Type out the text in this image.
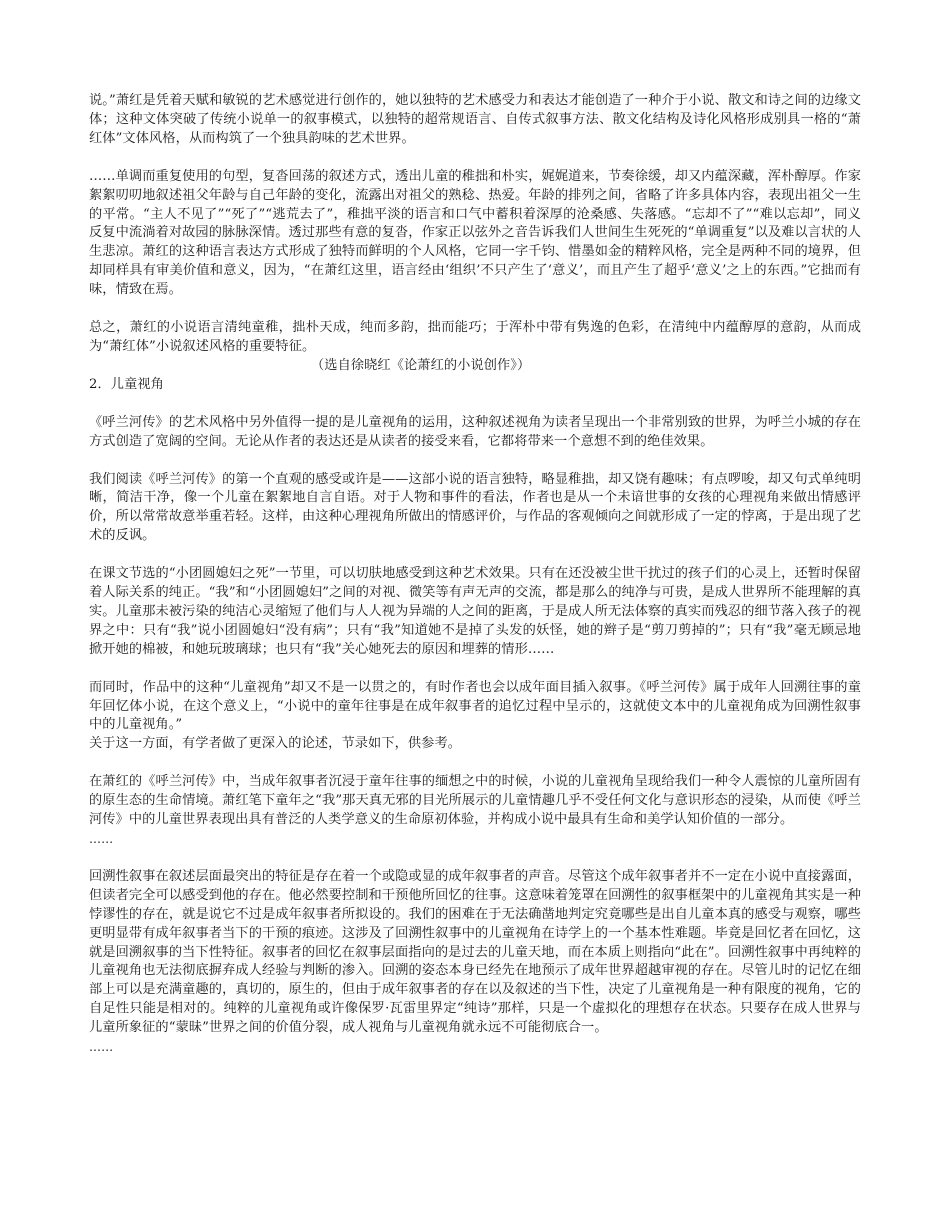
说。”萧红是凭着天赋和敏锐的艺术感觉进行创作的，她以独特的艺术感受力和表达才能创造了一种介于小说、散文和诗之间的边缘文体；这种文体突破了传统小说单一的叙事模式，以独特的超常规语言、自传式叙事方法、散文化结构及诗化风格形成别具一格的“萧红体”文体风格，从而构筑了一个独具韵味的艺术世界。

……单调而重复使用的句型，复沓回荡的叙述方式，透出儿童的稚拙和朴实，娓娓道来，节奏徐缓，却又内蕴深藏，浑朴醇厚。作家絮絮叨叨地叙述祖父年龄与自己年龄的变化，流露出对祖父的熟稔、热爱。年龄的排列之间，省略了许多具体内容，表现出祖父一生的平常。“主人不见了”“死了”“逃荒去了”，稚拙平淡的语言和口气中蓄积着深厚的沧桑感、失落感。“忘却不了”“难以忘却”，同义反复中流淌着对故园的脉脉深情。透过那些有意的复沓，作家正以弦外之音告诉我们人世间生生死死的“单调重复”以及难以言状的人生悲凉。萧红的这种语言表达方式形成了独特而鲜明的个人风格，它同一字千钧、惜墨如金的精粹风格，完全是两种不同的境界，但却同样具有审美价值和意义，因为，“在萧红这里，语言经由‘组织’不只产生了‘意义’，而且产生了超乎‘意义’之上的东西。”它拙而有味，情致在焉。

总之，萧红的小说语言清纯童稚，拙朴天成，纯而多韵，拙而能巧；于浑朴中带有隽逸的色彩，在清纯中内蕴醇厚的意韵，从而成为“萧红体”小说叙述风格的重要特征。

（选自徐晓红《论萧红的小说创作》）

2．儿童视角

《呼兰河传》的艺术风格中另外值得一提的是儿童视角的运用，这种叙述视角为读者呈现出一个非常别致的世界，为呼兰小城的存在方式创造了宽阔的空间。无论从作者的表达还是从读者的接受来看，它都将带来一个意想不到的绝佳效果。

我们阅读《呼兰河传》的第一个直观的感受或许是——这部小说的语言独特，略显稚拙，却又饶有趣味；有点啰唆，却又句式单纯明晰，简洁干净，像一个儿童在絮絮地自言自语。对于人物和事件的看法，作者也是从一个未谙世事的女孩的心理视角来做出情感评价，所以常常故意举重若轻。这样，由这种心理视角所做出的情感评价，与作品的客观倾向之间就形成了一定的悖离，于是出现了艺术的反讽。

在课文节选的“小团圆媳妇之死”一节里，可以切肤地感受到这种艺术效果。只有在还没被尘世干扰过的孩子们的心灵上，还暂时保留着人际关系的纯正。“我”和“小团圆媳妇”之间的对视、微笑等有声无声的交流，都是那么的纯净与可贵，是成人世界所不能理解的真实。儿童那未被污染的纯洁心灵缩短了他们与人人视为异端的人之间的距离，于是成人所无法体察的真实而残忍的细节落入孩子的视界之中：只有“我”说小团圆媳妇“没有病”；只有“我”知道她不是掉了头发的妖怪，她的辫子是“剪刀剪掉的”；只有“我”毫无顾忌地掀开她的棉被，和她玩玻璃球；也只有“我”关心她死去的原因和埋葬的情形……

而同时，作品中的这种“儿童视角”却又不是一以贯之的，有时作者也会以成年面目插入叙事。《呼兰河传》属于成年人回溯往事的童年回忆体小说，在这个意义上，“小说中的童年往事是在成年叙事者的追忆过程中呈示的，这就使文本中的儿童视角成为回溯性叙事中的儿童视角。”

关于这一方面，有学者做了更深入的论述，节录如下，供参考。

在萧红的《呼兰河传》中，当成年叙事者沉浸于童年往事的缅想之中的时候，小说的儿童视角呈现给我们一种令人震惊的儿童所固有的原生态的生命情境。萧红笔下童年之“我”那天真无邪的目光所展示的儿童情趣几乎不受任何文化与意识形态的浸染，从而使《呼兰河传》中的儿童世界表现出具有普泛的人类学意义的生命原初体验，并构成小说中最具有生命和美学认知价值的一部分。

……

回溯性叙事在叙述层面最突出的特征是存在着一个或隐或显的成年叙事者的声音。尽管这个成年叙事者并不一定在小说中直接露面，但读者完全可以感受到他的存在。他必然要控制和干预他所回忆的往事。这意味着笼罩在回溯性的叙事框架中的儿童视角其实是一种悖谬性的存在，就是说它不过是成年叙事者所拟设的。我们的困难在于无法确凿地判定究竟哪些是出自儿童本真的感受与观察，哪些更明显带有成年叙事者当下的干预的痕迹。这涉及了回溯性叙事中的儿童视角在诗学上的一个基本性难题。毕竟是回忆者在回忆，这就是回溯叙事的当下性特征。叙事者的回忆在叙事层面指向的是过去的儿童天地，而在本质上则指向“此在”。回溯性叙事中再纯粹的儿童视角也无法彻底摒弃成人经验与判断的渗入。回溯的姿态本身已经先在地预示了成年世界超越审视的存在。尽管儿时的记忆在细部上可以是充满童趣的，真切的，原生的，但由于成年叙事者的存在以及叙述的当下性，决定了儿童视角是一种有限度的视角，它的自足性只能是相对的。纯粹的儿童视角或许像保罗·瓦雷里界定“纯诗”那样，只是一个虚拟化的理想存在状态。只要存在成人世界与儿童所象征的“蒙昧”世界之间的价值分裂，成人视角与儿童视角就永远不可能彻底合一。

……
